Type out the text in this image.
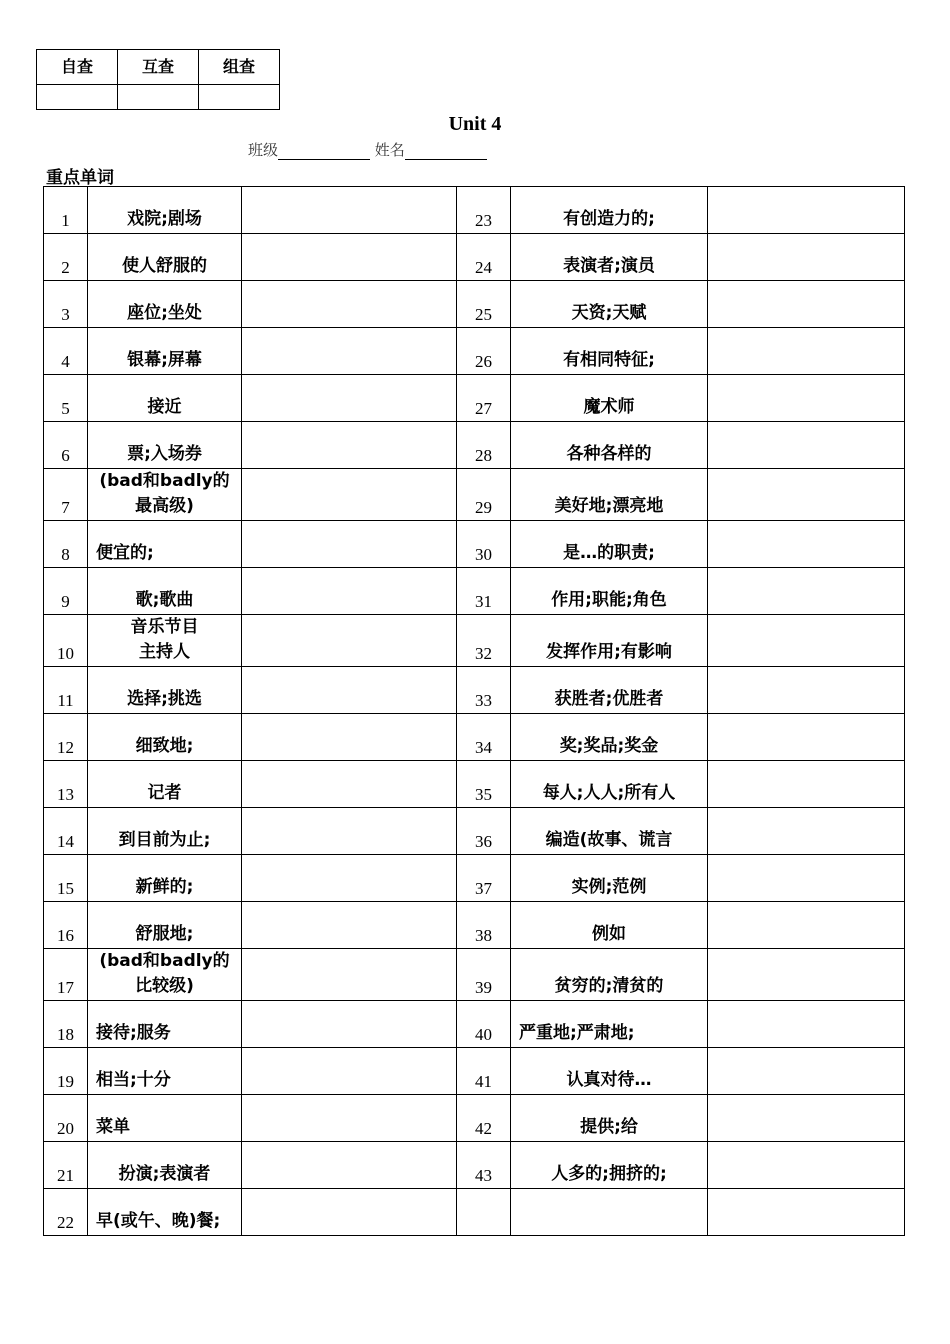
自查	互查	组查

Unit 4
班级	姓名
重点单词
1	戏院;剧场		23	有创造力的;	
2	使人舒服的		24	表演者;演员	
3	座位;坐处		25	天资;天赋	
4	银幕;屏幕		26	有相同特征;	
5	接近		27	魔术师	
6	票;入场券		28	各种各样的	
7	(bad和badly的
最高级)		29	美好地;漂亮地	
8	便宜的;		30	是…的职责;	
9	歌;歌曲		31	作用;职能;角色	
10	音乐节目
主持人		32	发挥作用;有影响	
11	选择;挑选		33	获胜者;优胜者	
12	细致地;		34	奖;奖品;奖金	
13	记者		35	每人;人人;所有人	
14	到目前为止;		36	编造(故事、谎言	
15	新鲜的;		37	实例;范例	
16	舒服地;		38	例如	
17	(bad和badly的
比较级)		39	贫穷的;清贫的	
18	接待;服务		40	严重地;严肃地;	
19	相当;十分		41	认真对待…	
20	菜单		42	提供;给	
21	扮演;表演者		43	人多的;拥挤的;	
22	早(或午、晚)餐;				
